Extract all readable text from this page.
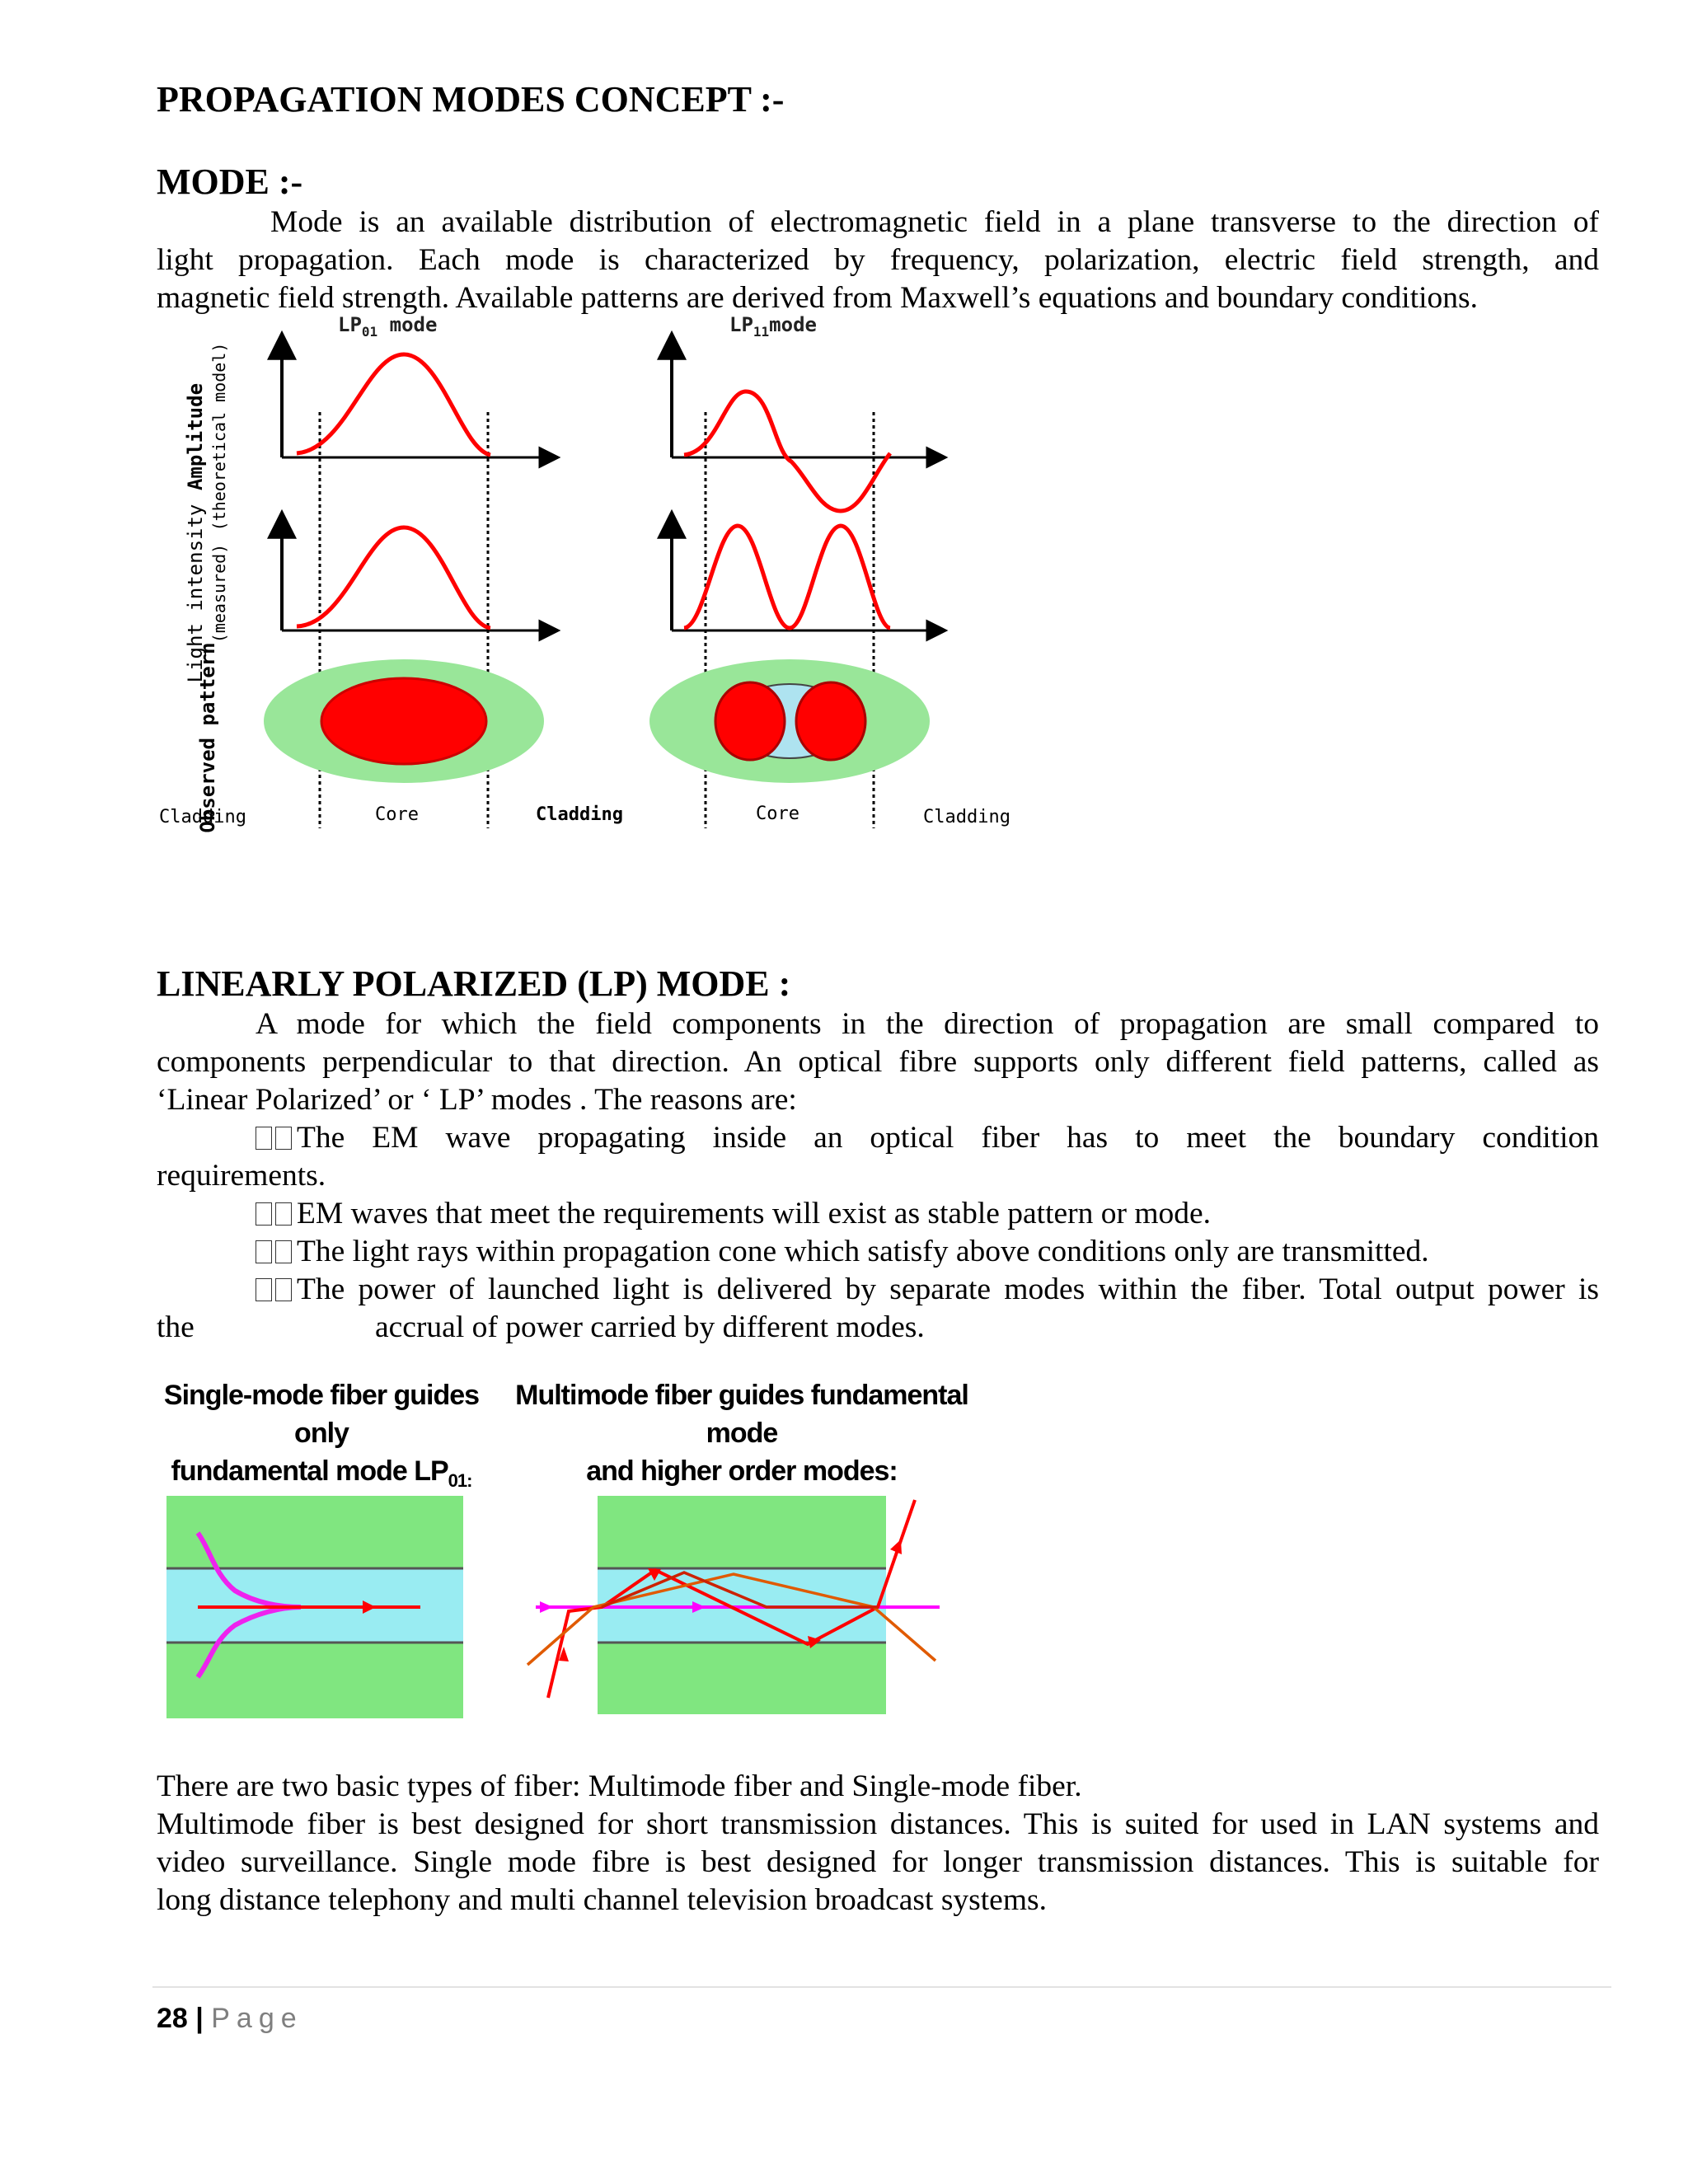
PROPAGATION MODES CONCEPT :-
MODE :-
Mode is an available distribution of electromagnetic field in a plane transverse to the direction of
light propagation. Each mode is characterized by frequency, polarization, electric field strength, and
magnetic field strength. Available patterns are derived from Maxwell’s equations and boundary conditions.
$LP_{01}$ mode	$LP_{11}mode$
Amplitude (theoretical model)
Light intensity (measured)
Observed pattern
Cladding	Core	Cladding	Core	Cladding
LINEARLY POLARIZED (LP) MODE :
A mode for which the field components in the direction of propagation are small compared to
components perpendicular to that direction. An optical fibre supports only different field patterns, called as
‘Linear Polarized’ or ‘ LP’ modes . The reasons are:
The EM wave propagating inside an optical fiber has to meet the boundary condition
requirements.
EM waves that meet the requirements will exist as stable pattern or mode.
The light rays within propagation cone which satisfy above conditions only are transmitted.
The power of launched light is delivered by separate modes within the fiber. Total output power is
the	accrual of power carried by different modes.
Single-mode fiber guides only
fundamental mode $LP_{01:}$
Multimode fiber guides fundamental mode
and higher order modes:
There are two basic types of fiber: Multimode fiber and Single-mode fiber.
Multimode fiber is best designed for short transmission distances. This is suited for used in LAN systems and
video surveillance. Single mode fibre is best designed for longer transmission distances. This is suitable for
long distance telephony and multi channel television broadcast systems.
28 | Page
